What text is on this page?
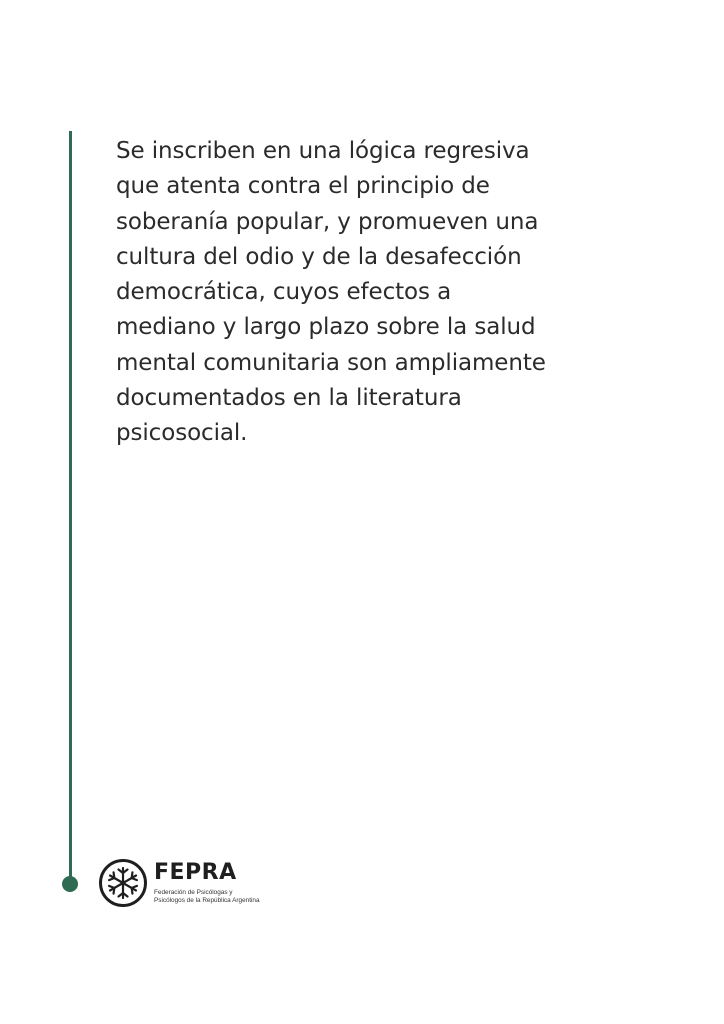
Se inscriben en una lógica regresiva
que atenta contra el principio de
soberanía popular, y promueven una
cultura del odio y de la desafección
democrática, cuyos efectos a
mediano y largo plazo sobre la salud
mental comunitaria son ampliamente
documentados en la literatura
psicosocial.

FEPRA
Federación de Psicólogas y Psicólogos de la República Argentina
